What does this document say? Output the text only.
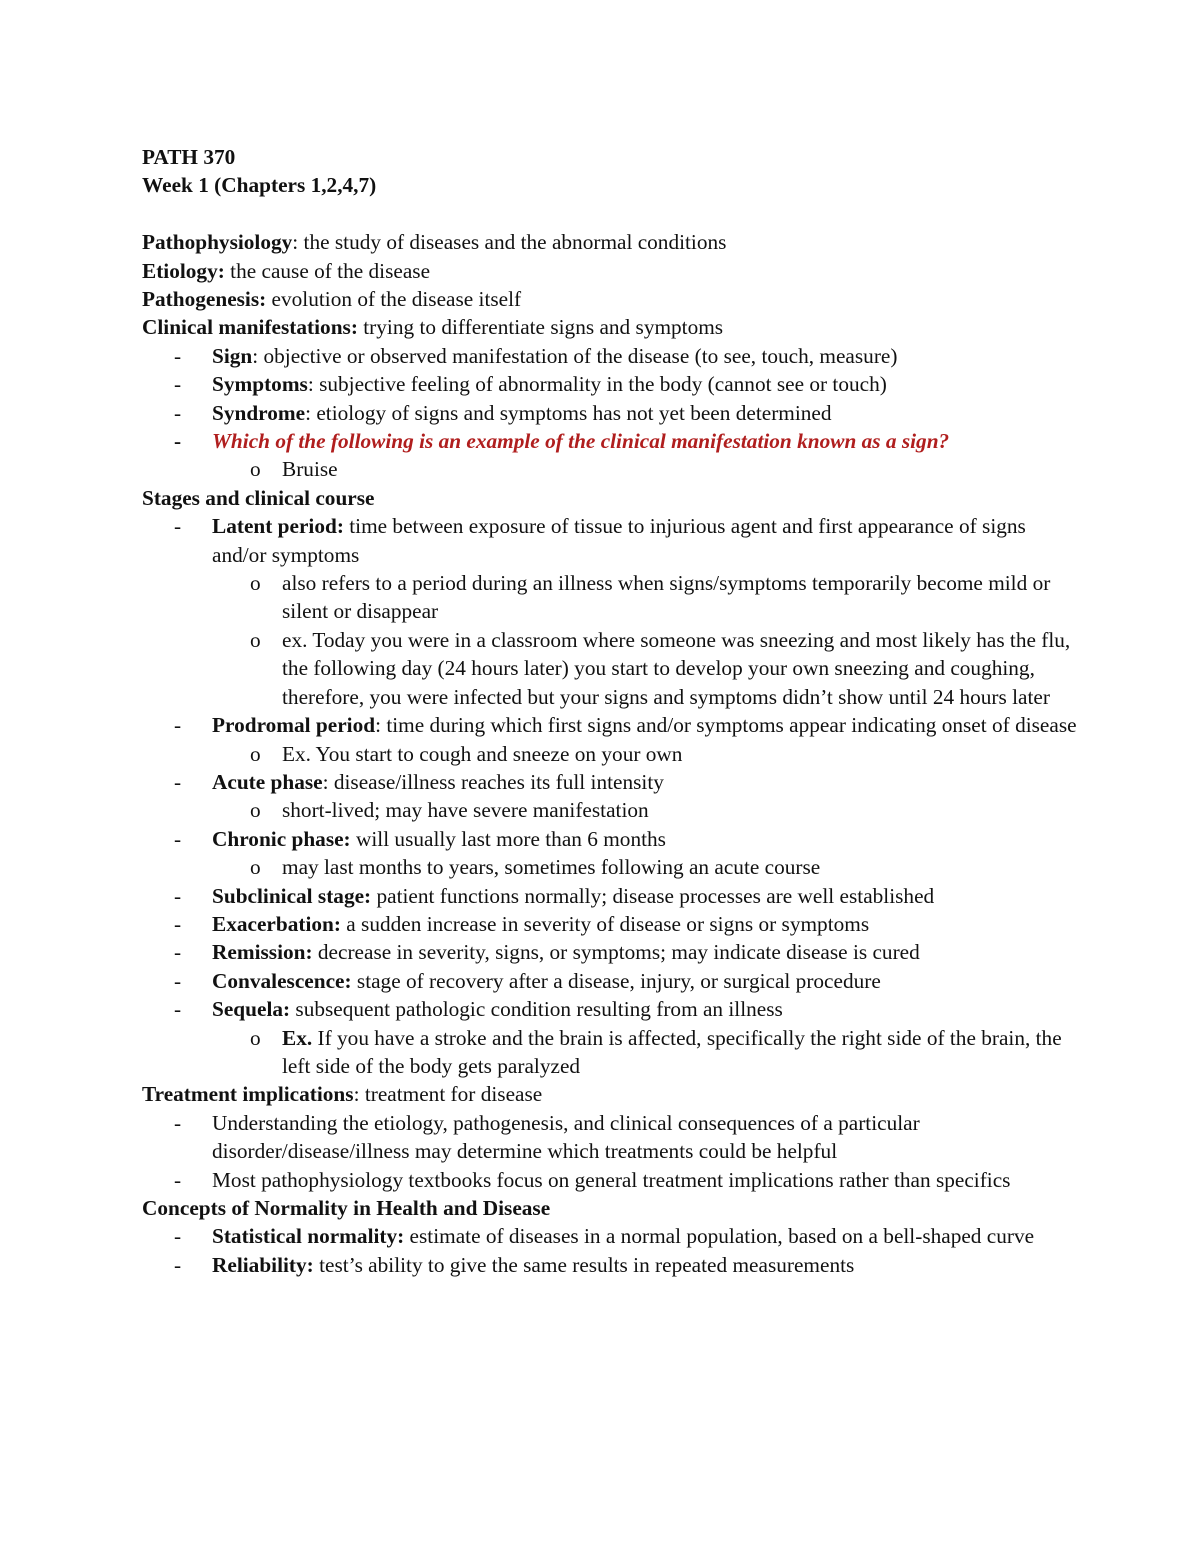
PATH 370
Week 1 (Chapters 1,2,4,7)
Pathophysiology: the study of diseases and the abnormal conditions
Etiology: the cause of the disease
Pathogenesis: evolution of the disease itself
Clinical manifestations: trying to differentiate signs and symptoms
- Sign: objective or observed manifestation of the disease (to see, touch, measure)
- Symptoms: subjective feeling of abnormality in the body (cannot see or touch)
- Syndrome: etiology of signs and symptoms has not yet been determined
- Which of the following is an example of the clinical manifestation known as a sign?
o Bruise
Stages and clinical course
- Latent period: time between exposure of tissue to injurious agent and first appearance of signs and/or symptoms
o also refers to a period during an illness when signs/symptoms temporarily become mild or silent or disappear
o ex. Today you were in a classroom where someone was sneezing and most likely has the flu, the following day (24 hours later) you start to develop your own sneezing and coughing, therefore, you were infected but your signs and symptoms didn’t show until 24 hours later
- Prodromal period: time during which first signs and/or symptoms appear indicating onset of disease
o Ex. You start to cough and sneeze on your own
- Acute phase: disease/illness reaches its full intensity
o short-lived; may have severe manifestation
- Chronic phase: will usually last more than 6 months
o may last months to years, sometimes following an acute course
- Subclinical stage: patient functions normally; disease processes are well established
- Exacerbation: a sudden increase in severity of disease or signs or symptoms
- Remission: decrease in severity, signs, or symptoms; may indicate disease is cured
- Convalescence: stage of recovery after a disease, injury, or surgical procedure
- Sequela: subsequent pathologic condition resulting from an illness
o Ex. If you have a stroke and the brain is affected, specifically the right side of the brain, the left side of the body gets paralyzed
Treatment implications: treatment for disease
- Understanding the etiology, pathogenesis, and clinical consequences of a particular disorder/disease/illness may determine which treatments could be helpful
- Most pathophysiology textbooks focus on general treatment implications rather than specifics
Concepts of Normality in Health and Disease
- Statistical normality: estimate of diseases in a normal population, based on a bell-shaped curve
- Reliability: test’s ability to give the same results in repeated measurements
